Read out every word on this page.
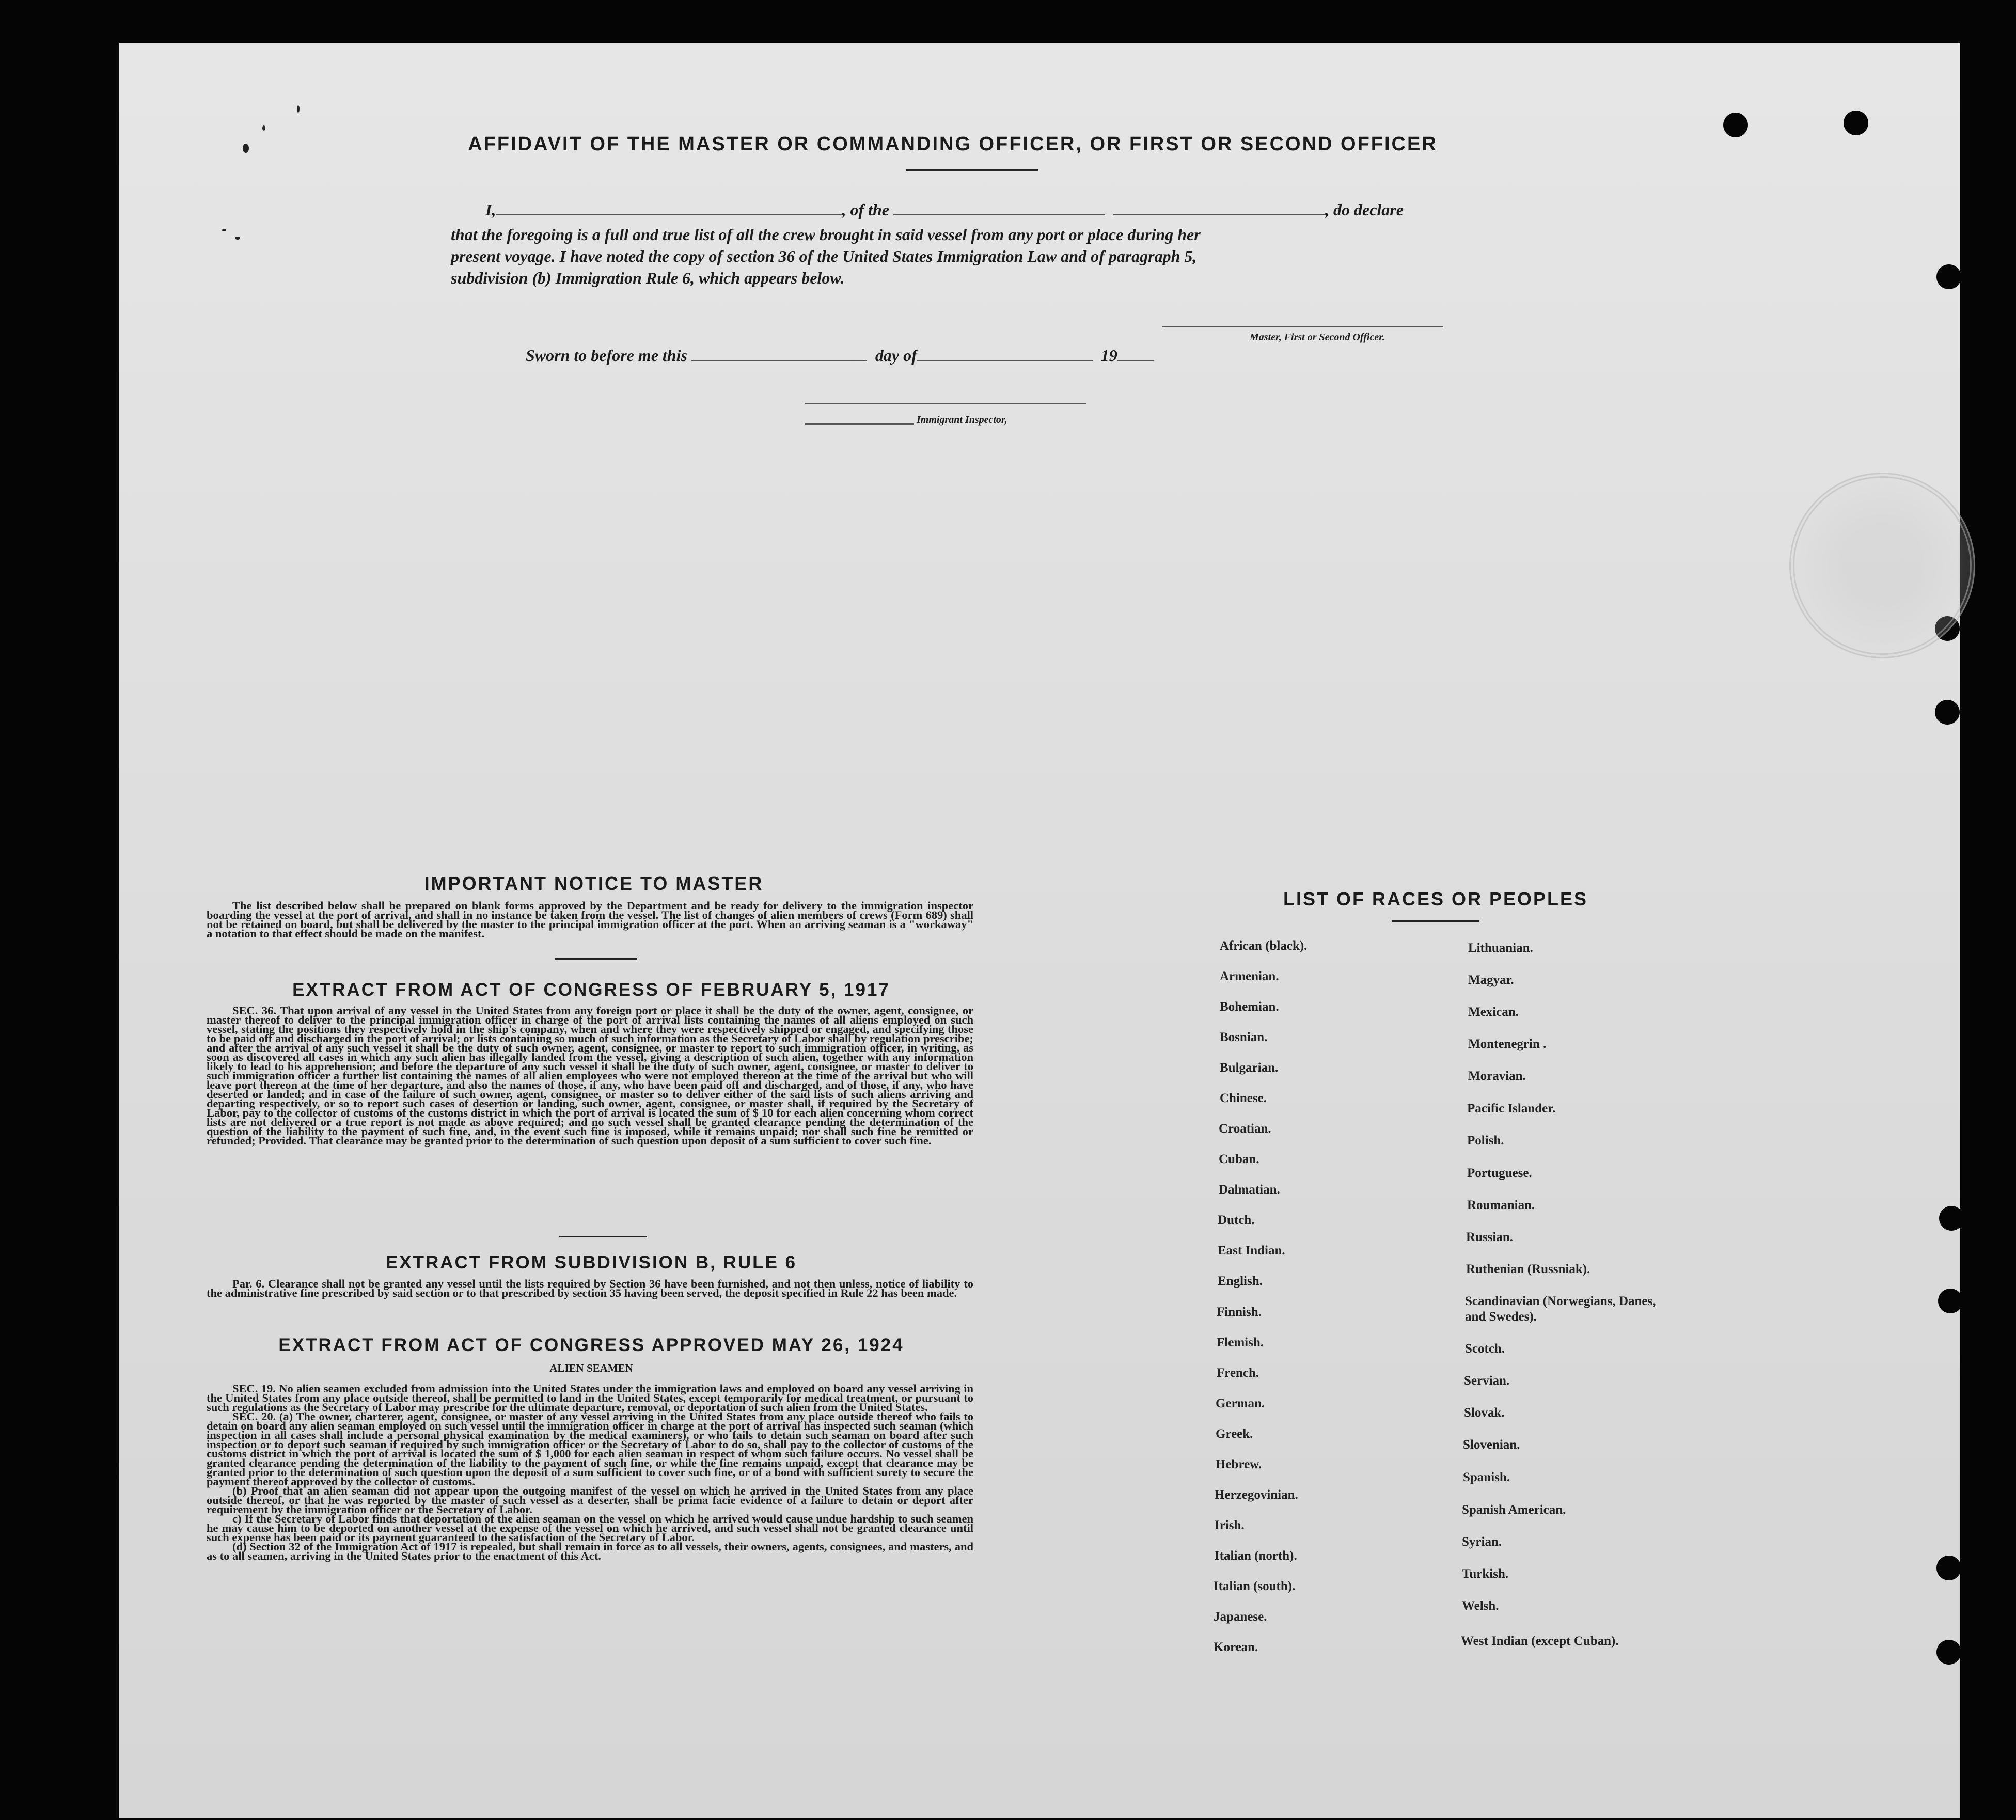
AFFIDAVIT OF THE MASTER OR COMMANDING OFFICER, OR FIRST OR SECOND OFFICER
I,	, of the	, do declare
that the foregoing is a full and true list of all the crew brought in said vessel from any port or place during her
present voyage. I have noted the copy of section 36 of the United States Immigration Law and of paragraph 5,
subdivision (b) Immigration Rule 6, which appears below.
Master, First or Second Officer.
Sworn to before me this	day of	19
Immigrant Inspector,
IMPORTANT NOTICE TO MASTER

The list described below shall be prepared on blank forms approved by the Department and be ready for delivery to the immigration inspector boarding the vessel at the port of arrival, and shall in no instance be taken from the vessel. The list of changes of alien members of crews (Form 689) shall not be retained on board, but shall be delivered by the master to the principal immigration officer at the port. When an arriving seaman is a "workaway" a notation to that effect should be made on the manifest.

EXTRACT FROM ACT OF CONGRESS OF FEBRUARY 5, 1917

SEC. 36. That upon arrival of any vessel in the United States from any foreign port or place it shall be the duty of the owner, agent, consignee, or master thereof to deliver to the principal immigration officer in charge of the port of arrival lists containing the names of all aliens employed on such vessel, stating the positions they respectively hold in the ship's company, when and where they were respectively shipped or engaged, and specifying those to be paid off and discharged in the port of arrival; or lists containing so much of such information as the Secretary of Labor shall by regulation prescribe; and after the arrival of any such vessel it shall be the duty of such owner, agent, consignee, or master to report to such immigration officer, in writing, as soon as discovered all cases in which any such alien has illegally landed from the vessel, giving a description of such alien, together with any information likely to lead to his apprehension; and before the departure of any such vessel it shall be the duty of such owner, agent, consignee, or master to deliver to such immigration officer a further list containing the names of all alien employees who were not employed thereon at the time of the arrival but who will leave port thereon at the time of her departure, and also the names of those, if any, who have been paid off and discharged, and of those, if any, who have deserted or landed; and in case of the failure of such owner, agent, consignee, or master so to deliver either of the said lists of such aliens arriving and departing respectively, or so to report such cases of desertion or landing, such owner, agent, consignee, or master shall, if required by the Secretary of Labor, pay to the collector of customs of the customs district in which the port of arrival is located the sum of $ 10 for each alien concerning whom correct lists are not delivered or a true report is not made as above required; and no such vessel shall be granted clearance pending the determination of the question of the liability to the payment of such fine, and, in the event such fine is imposed, while it remains unpaid; nor shall such fine be remitted or refunded; Provided. That clearance may be granted prior to the determination of such question upon deposit of a sum sufficient to cover such fine.

EXTRACT FROM SUBDIVISION B, RULE 6

Par. 6. Clearance shall not be granted any vessel until the lists required by Section 36 have been furnished, and not then unless, notice of liability to the administrative fine prescribed by said section or to that prescribed by section 35 having been served, the deposit specified in Rule 22 has been made.

EXTRACT FROM ACT OF CONGRESS APPROVED MAY 26, 1924
ALIEN SEAMEN

SEC. 19. No alien seamen excluded from admission into the United States under the immigration laws and employed on board any vessel arriving in the United States from any place outside thereof, shall be permitted to land in the United States, except temporarily for medical treatment, or pursuant to such regulations as the Secretary of Labor may prescribe for the ultimate departure, removal, or deportation of such alien from the United States.

SEC. 20. (a) The owner, charterer, agent, consignee, or master of any vessel arriving in the United States from any place outside thereof who fails to detain on board any alien seaman employed on such vessel until the immigration officer in charge at the port of arrival has inspected such seaman (which inspection in all cases shall include a personal physical examination by the medical examiners), or who fails to detain such seaman on board after such inspection or to deport such seaman if required by such immigration officer or the Secretary of Labor to do so, shall pay to the collector of customs of the customs district in which the port of arrival is located the sum of $ 1,000 for each alien seaman in respect of whom such failure occurs. No vessel shall be granted clearance pending the determination of the liability to the payment of such fine, or while the fine remains unpaid, except that clearance may be granted prior to the determination of such question upon the deposit of a sum sufficient to cover such fine, or of a bond with sufficient surety to secure the payment thereof approved by the collector of customs.

(b) Proof that an alien seaman did not appear upon the outgoing manifest of the vessel on which he arrived in the United States from any place outside thereof, or that he was reported by the master of such vessel as a deserter, shall be prima facie evidence of a failure to detain or deport after requirement by the immigration officer or the Secretary of Labor.

c) If the Secretary of Labor finds that deportation of the alien seaman on the vessel on which he arrived would cause undue hardship to such seamen he may cause him to be deported on another vessel at the expense of the vessel on which he arrived, and such vessel shall not be granted clearance until such expense has been paid or its payment guaranteed to the satisfaction of the Secretary of Labor.

(d) Section 32 of the Immigration Act of 1917 is repealed, but shall remain in force as to all vessels, their owners, agents, consignees, and masters, and as to all seamen, arriving in the United States prior to the enactment of this Act.

LIST OF RACES OR PEOPLES
African (black).
Armenian.
Bohemian.
Bosnian.
Bulgarian.
Chinese.
Croatian.
Cuban.
Dalmatian.
Dutch.
East Indian.
English.
Finnish.
Flemish.
French.
German.
Greek.
Hebrew.
Herzegovinian.
Irish.
Italian (north).
Italian (south).
Japanese.
Korean.
Lithuanian.
Magyar.
Mexican.
Montenegrin .
Moravian.
Pacific Islander.
Polish.
Portuguese.
Roumanian.
Russian.
Ruthenian (Russniak).
Scandinavian (Norwegians, Danes, and Swedes).
Scotch.
Servian.
Slovak.
Slovenian.
Spanish.
Spanish American.
Syrian.
Turkish.
Welsh.
West Indian (except Cuban).
